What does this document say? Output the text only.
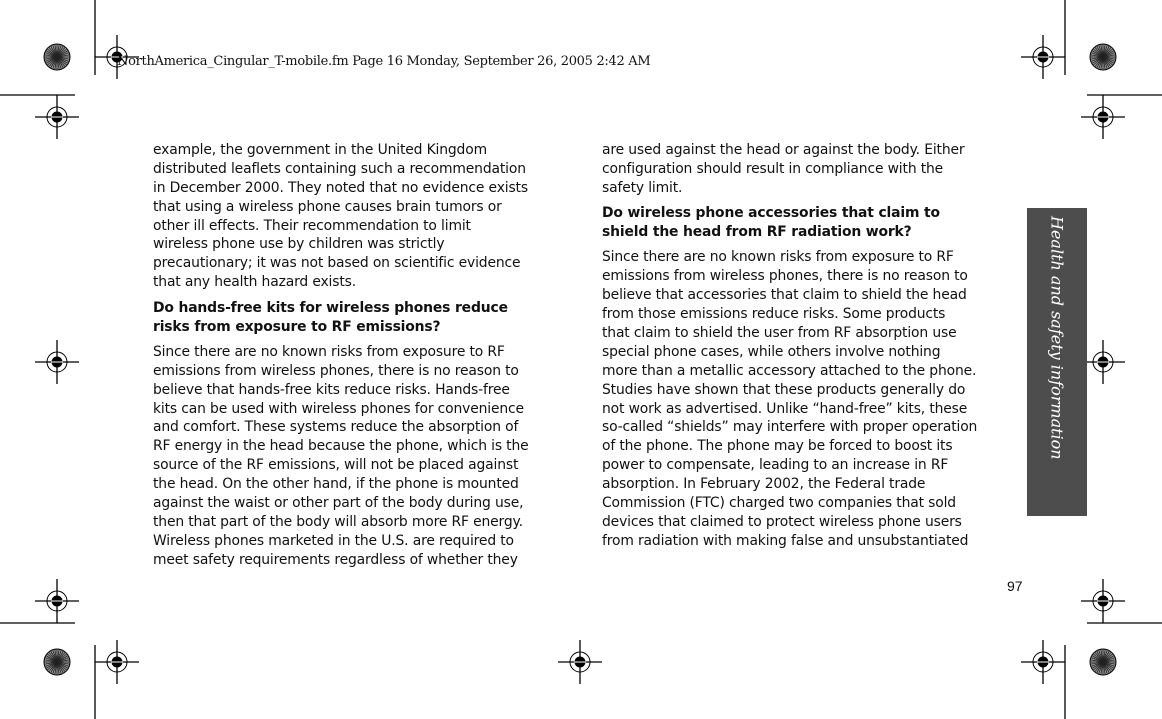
NorthAmerica_Cingular_T-mobile.fm Page 16 Monday, September 26, 2005 2:42 AM
example, the government in the United Kingdom
distributed leaflets containing such a recommendation
in December 2000. They noted that no evidence exists
that using a wireless phone causes brain tumors or
other ill effects. Their recommendation to limit
wireless phone use by children was strictly
precautionary; it was not based on scientific evidence
that any health hazard exists.
Do hands-free kits for wireless phones reduce
risks from exposure to RF emissions?
Since there are no known risks from exposure to RF
emissions from wireless phones, there is no reason to
believe that hands-free kits reduce risks. Hands-free
kits can be used with wireless phones for convenience
and comfort. These systems reduce the absorption of
RF energy in the head because the phone, which is the
source of the RF emissions, will not be placed against
the head. On the other hand, if the phone is mounted
against the waist or other part of the body during use,
then that part of the body will absorb more RF energy.
Wireless phones marketed in the U.S. are required to
meet safety requirements regardless of whether they
are used against the head or against the body. Either
configuration should result in compliance with the
safety limit.
Do wireless phone accessories that claim to
shield the head from RF radiation work?
Since there are no known risks from exposure to RF
emissions from wireless phones, there is no reason to
believe that accessories that claim to shield the head
from those emissions reduce risks. Some products
that claim to shield the user from RF absorption use
special phone cases, while others involve nothing
more than a metallic accessory attached to the phone.
Studies have shown that these products generally do
not work as advertised. Unlike “hand-free” kits, these
so-called “shields” may interfere with proper operation
of the phone. The phone may be forced to boost its
power to compensate, leading to an increase in RF
absorption. In February 2002, the Federal trade
Commission (FTC) charged two companies that sold
devices that claimed to protect wireless phone users
from radiation with making false and unsubstantiated
Health and safety information
97
